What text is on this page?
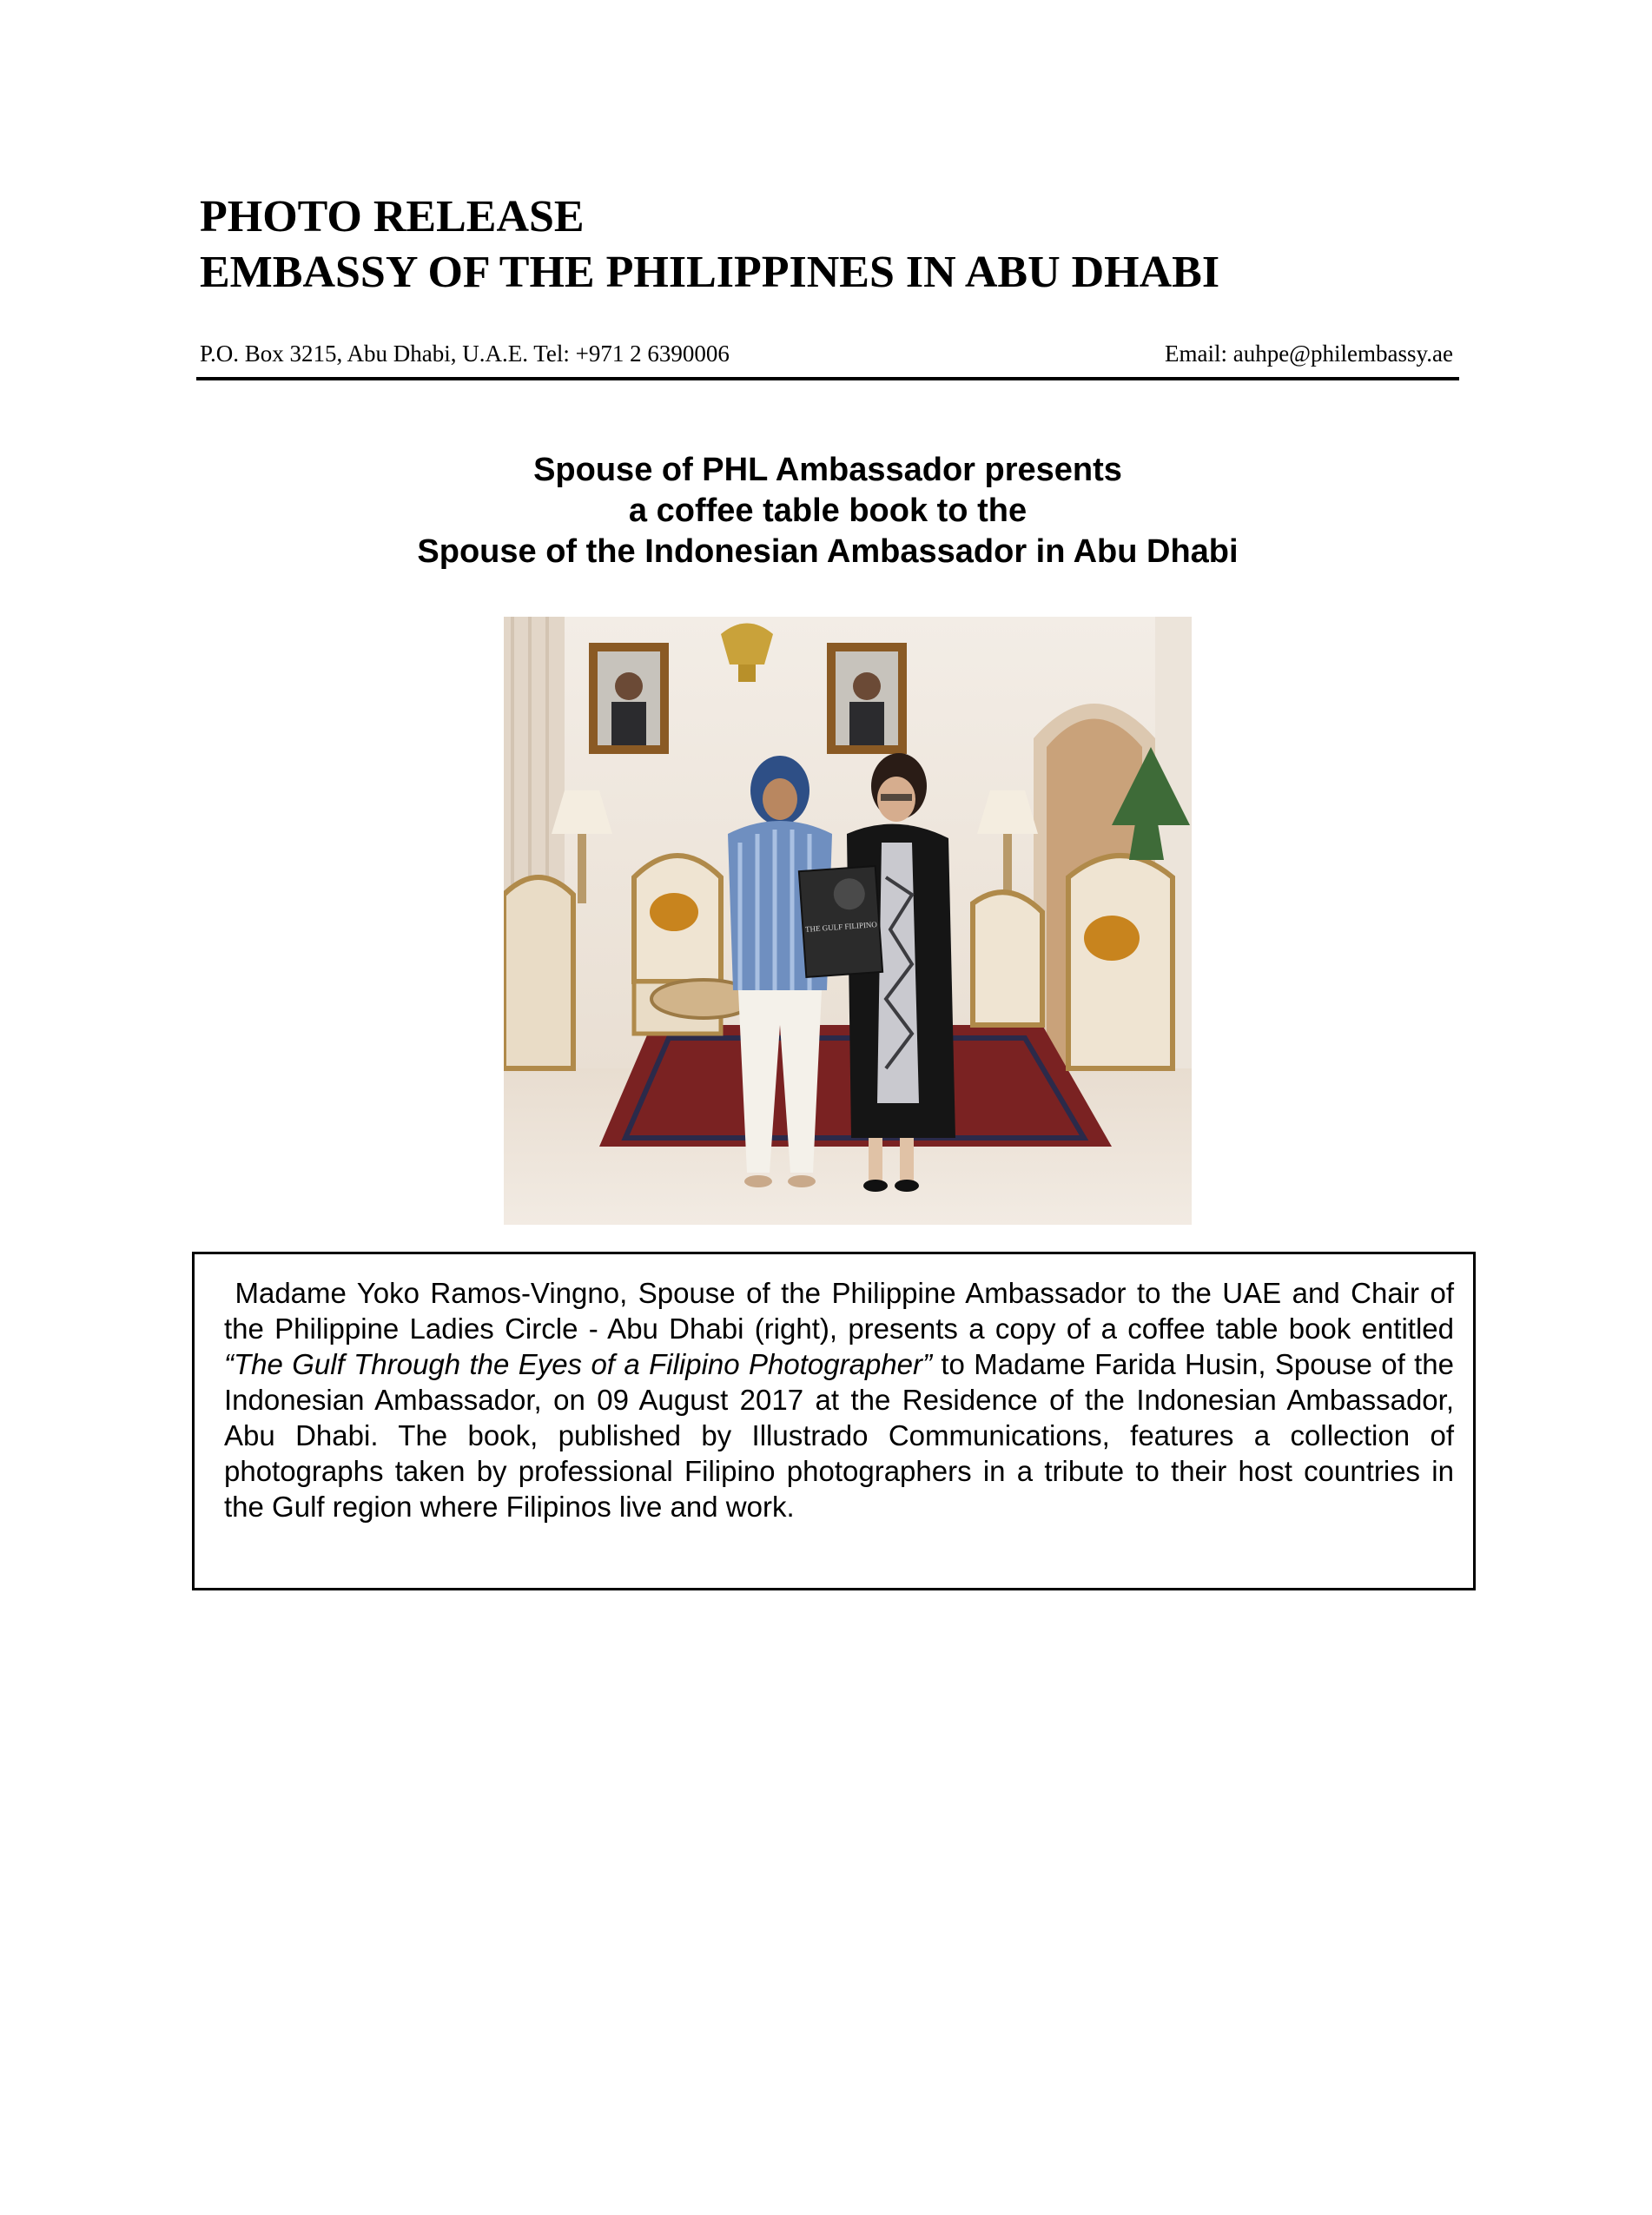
PHOTO RELEASE
EMBASSY OF THE PHILIPPINES IN ABU DHABI
P.O. Box 3215, Abu Dhabi, U.A.E. Tel: +971 2 6390006	Email: auhpe@philembassy.ae
Spouse of PHL Ambassador presents
a coffee table book to the
Spouse of the Indonesian Ambassador in Abu Dhabi
THE GULF FILIPINO

Madame Yoko Ramos-Vingno, Spouse of the Philippine Ambassador to the UAE and Chair of the Philippine Ladies Circle - Abu Dhabi (right), presents a copy of a coffee table book entitled “The Gulf Through the Eyes of a Filipino Photographer” to Madame Farida Husin, Spouse of the Indonesian Ambassador, on 09 August 2017 at the Residence of the Indonesian Ambassador, Abu Dhabi. The book, published by Illustrado Communications, features a collection of photographs taken by professional Filipino photographers in a tribute to their host countries in the Gulf region where Filipinos live and work.
